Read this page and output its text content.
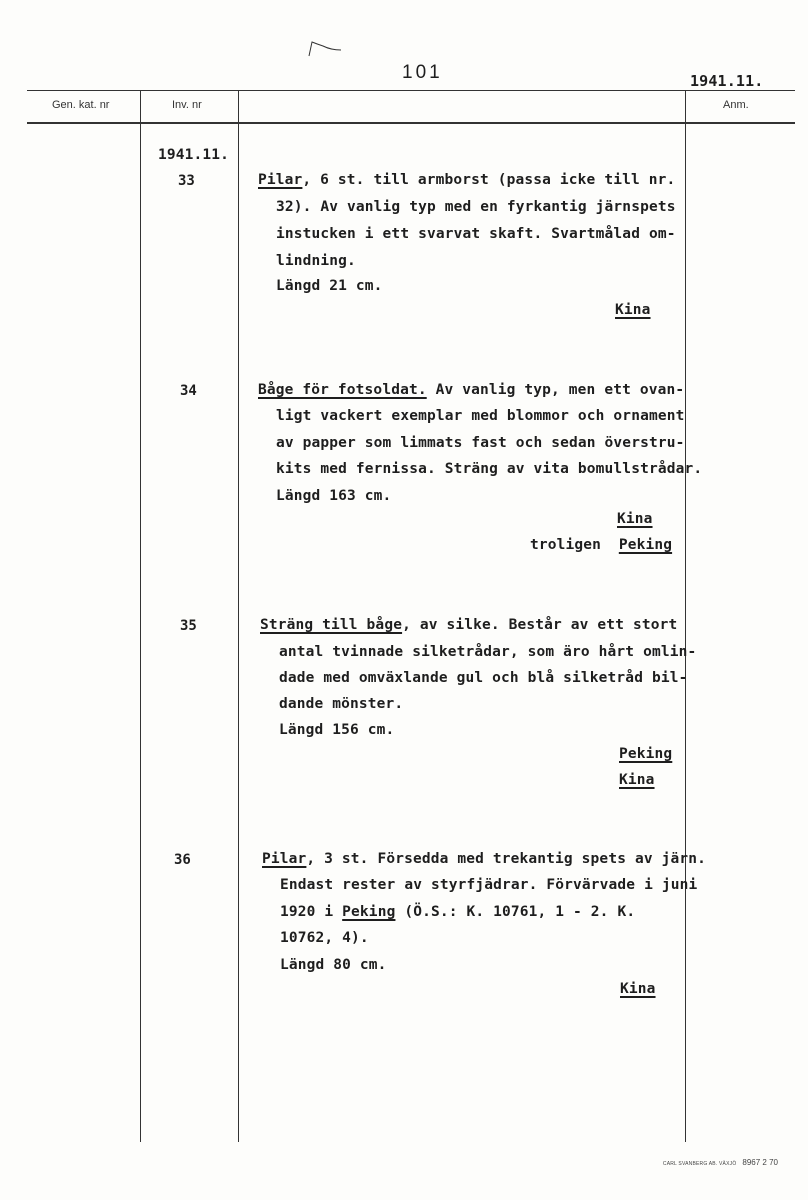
101	1941.11.
Gen. kat. nr	Inv. nr	Anm.
1941.11.
33	Pilar, 6 st. till armborst (passa icke till nr.
32). Av vanlig typ med en fyrkantig järnspets
instucken i ett svarvat skaft. Svartmålad om-
lindning.
Längd 21 cm.
Kina
34	Båge för fotsoldat. Av vanlig typ, men ett ovan-
ligt vackert exemplar med blommor och ornament
av papper som limmats fast och sedan överstru-
kits med fernissa. Sträng av vita bomullstrådar.
Längd 163 cm.
Kina
troligen Peking
35	Sträng till båge, av silke. Består av ett stort
antal tvinnade silketrådar, som äro hårt omlin-
dade med omväxlande gul och blå silketråd bil-
dande mönster.
Längd 156 cm.
Peking
Kina
36	Pilar, 3 st. Försedda med trekantig spets av järn.
Endast rester av styrfjädrar. Förvärvade i juni
1920 i Peking (Ö.S.: K. 10761, 1 - 2. K.
10762, 4).
Längd 80 cm.
Kina
CARL SVANBERG AB. VÄXJÖ 8967 2 70
